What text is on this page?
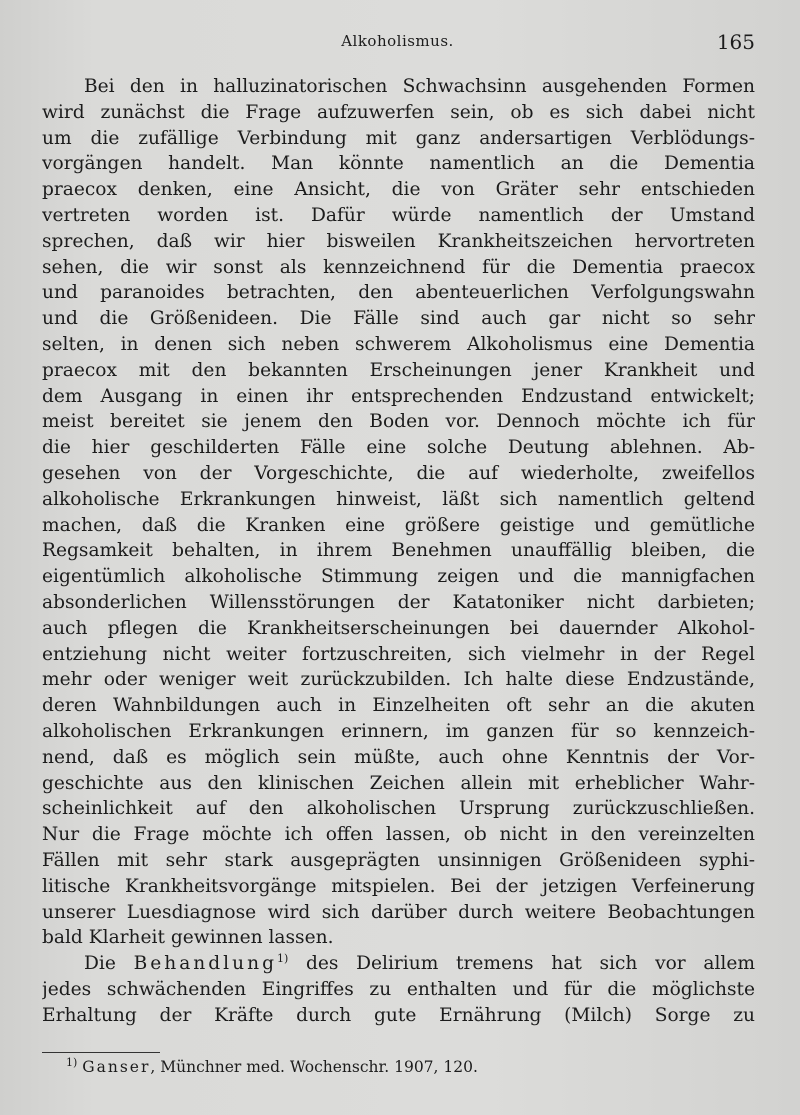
Alkoholismus.	165
Bei den in halluzinatorischen Schwachsinn ausgehenden Formen
wird zunächst die Frage aufzuwerfen sein, ob es sich dabei nicht
um die zufällige Verbindung mit ganz andersartigen Verblödungs-
vorgängen handelt. Man könnte namentlich an die Dementia
praecox denken, eine Ansicht, die von Gräter sehr entschieden
vertreten worden ist. Dafür würde namentlich der Umstand
sprechen, daß wir hier bisweilen Krankheitszeichen hervortreten
sehen, die wir sonst als kennzeichnend für die Dementia praecox
und paranoides betrachten, den abenteuerlichen Verfolgungswahn
und die Größenideen. Die Fälle sind auch gar nicht so sehr
selten, in denen sich neben schwerem Alkoholismus eine Dementia
praecox mit den bekannten Erscheinungen jener Krankheit und
dem Ausgang in einen ihr entsprechenden Endzustand entwickelt;
meist bereitet sie jenem den Boden vor. Dennoch möchte ich für
die hier geschilderten Fälle eine solche Deutung ablehnen. Ab-
gesehen von der Vorgeschichte, die auf wiederholte, zweifellos
alkoholische Erkrankungen hinweist, läßt sich namentlich geltend
machen, daß die Kranken eine größere geistige und gemütliche
Regsamkeit behalten, in ihrem Benehmen unauffällig bleiben, die
eigentümlich alkoholische Stimmung zeigen und die mannigfachen
absonderlichen Willensstörungen der Katatoniker nicht darbieten;
auch pflegen die Krankheitserscheinungen bei dauernder Alkohol-
entziehung nicht weiter fortzuschreiten, sich vielmehr in der Regel
mehr oder weniger weit zurückzubilden. Ich halte diese Endzustände,
deren Wahnbildungen auch in Einzelheiten oft sehr an die akuten
alkoholischen Erkrankungen erinnern, im ganzen für so kennzeich-
nend, daß es möglich sein müßte, auch ohne Kenntnis der Vor-
geschichte aus den klinischen Zeichen allein mit erheblicher Wahr-
scheinlichkeit auf den alkoholischen Ursprung zurückzuschließen.
Nur die Frage möchte ich offen lassen, ob nicht in den vereinzelten
Fällen mit sehr stark ausgeprägten unsinnigen Größenideen syphi-
litische Krankheitsvorgänge mitspielen. Bei der jetzigen Verfeinerung
unserer Luesdiagnose wird sich darüber durch weitere Beobachtungen
bald Klarheit gewinnen lassen.
Die Behandlung$^{1)}$ des Delirium tremens hat sich vor allem
jedes schwächenden Eingriffes zu enthalten und für die möglichste
Erhaltung der Kräfte durch gute Ernährung (Milch) Sorge zu
$^{1)}$ Ganser, Münchner med. Wochenschr. 1907, 120.
